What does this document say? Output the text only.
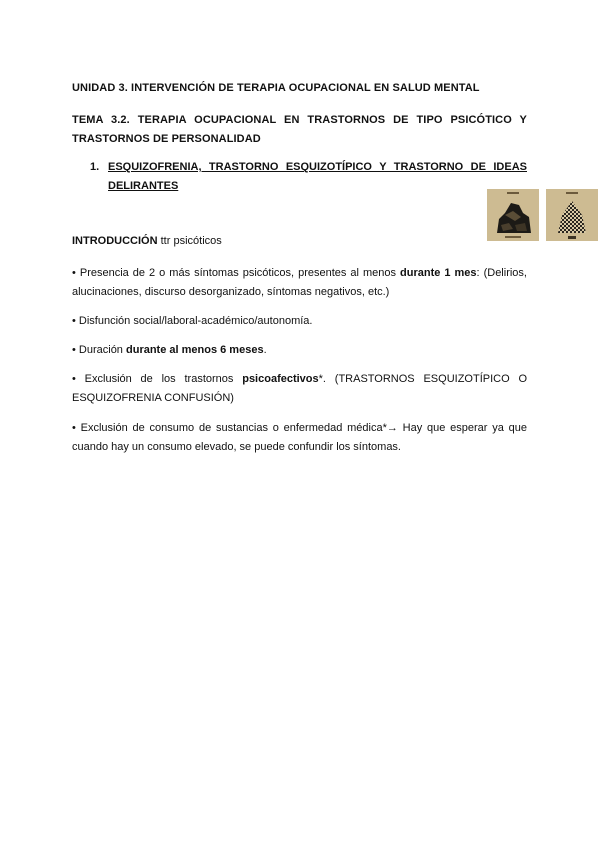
UNIDAD 3. INTERVENCIÓN DE TERAPIA OCUPACIONAL EN SALUD MENTAL
TEMA 3.2. TERAPIA OCUPACIONAL EN TRASTORNOS DE TIPO PSICÓTICO Y TRASTORNOS DE PERSONALIDAD
1. ESQUIZOFRENIA, TRASTORNO ESQUIZOTÍPICO Y TRASTORNO DE IDEAS DELIRANTES
INTRODUCCIÓN ttr psicóticos
• Presencia de 2 o más síntomas psicóticos, presentes al menos durante 1 mes: (Delirios, alucinaciones, discurso desorganizado, síntomas negativos, etc.)
• Disfunción social/laboral-académico/autonomía.
• Duración durante al menos 6 meses.
• Exclusión de los trastornos psicoafectivos*. (TRASTORNOS ESQUIZOTÍPICO O ESQUIZOFRENIA CONFUSIÓN)
• Exclusión de consumo de sustancias o enfermedad médica*→ Hay que esperar ya que cuando hay un consumo elevado, se puede confundir los síntomas.
